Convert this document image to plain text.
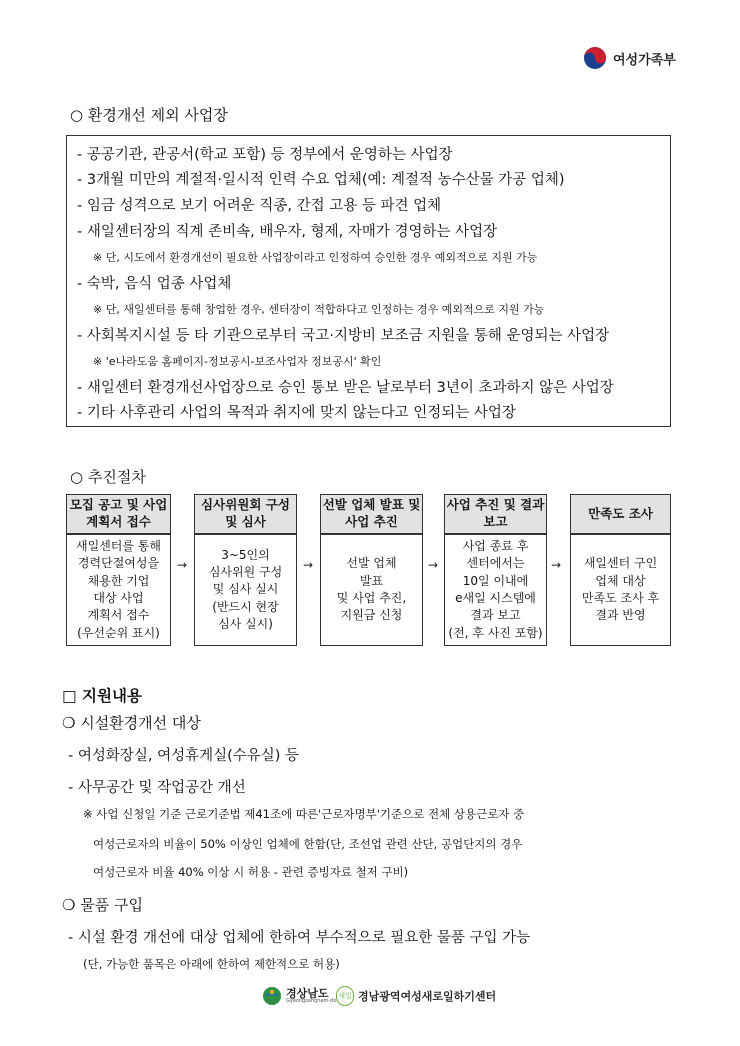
여성가족부
○ 환경개선 제외 사업장
- 공공기관, 관공서(학교 포함) 등 정부에서 운영하는 사업장
- 3개월 미만의 계절적·일시적 인력 수요 업체(예: 계절적 농수산물 가공 업체)
- 임금 성격으로 보기 어려운 직종, 간접 고용 등 파견 업체
- 새일센터장의 직계 존비속, 배우자, 형제, 자매가 경영하는 사업장
※ 단, 시도에서 환경개선이 필요한 사업장이라고 인정하여 승인한 경우 예외적으로 지원 가능
- 숙박, 음식 업종 사업체
※ 단, 새일센터를 통해 창업한 경우, 센터장이 적합하다고 인정하는 경우 예외적으로 지원 가능
- 사회복지시설 등 타 기관으로부터 국고·지방비 보조금 지원을 통해 운영되는 사업장
※ 'e나라도움 홈페이지-정보공시-보조사업자 정보공시' 확인
- 새일센터 환경개선사업장으로 승인 통보 받은 날로부터 3년이 초과하지 않은 사업장
- 기타 사후관리 사업의 목적과 취지에 맞지 않는다고 인정되는 사업장
○ 추진절차
모집 공고 및 사업계획서 접수
새일센터를 통해
경력단절여성을
채용한 기업
대상 사업
계획서 접수
(우선순위 표시)
→
심사위원회 구성 및 심사
3~5인의
심사위원 구성
및 심사 실시
(반드시 현장
심사 실시)
→
선발 업체 발표 및 사업 추진
선발 업체
발표
및 사업 추진,
지원금 신청
→
사업 추진 및 결과 보고
사업 종료 후
센터에서는
10일 이내에
e새일 시스템에
결과 보고
(전, 후 사진 포함)
→
만족도 조사
새일센터 구인
업체 대상
만족도 조사 후
결과 반영
□ 지원내용
❍ 시설환경개선 대상
- 여성화장실, 여성휴게실(수유실) 등
- 사무공간 및 작업공간 개선
※ 사업 신청일 기준 근로기준법 제41조에 따른'근로자명부'기준으로 전체 상용근로자 중
여성근로자의 비율이 50% 이상인 업체에 한함(단, 조선업 관련 산단, 공업단지의 경우
여성근로자 비율 40% 이상 시 허용 - 관련 증빙자료 철저 구비)
❍ 물품 구입
- 시설 환경 개선에 대상 업체에 한하여 부수적으로 필요한 물품 구입 가능
(단, 가능한 품목은 아래에 한하여 제한적으로 허용)
경상남도
Gyeongsangnam-do
새일 경남광역여성새로일하기센터
